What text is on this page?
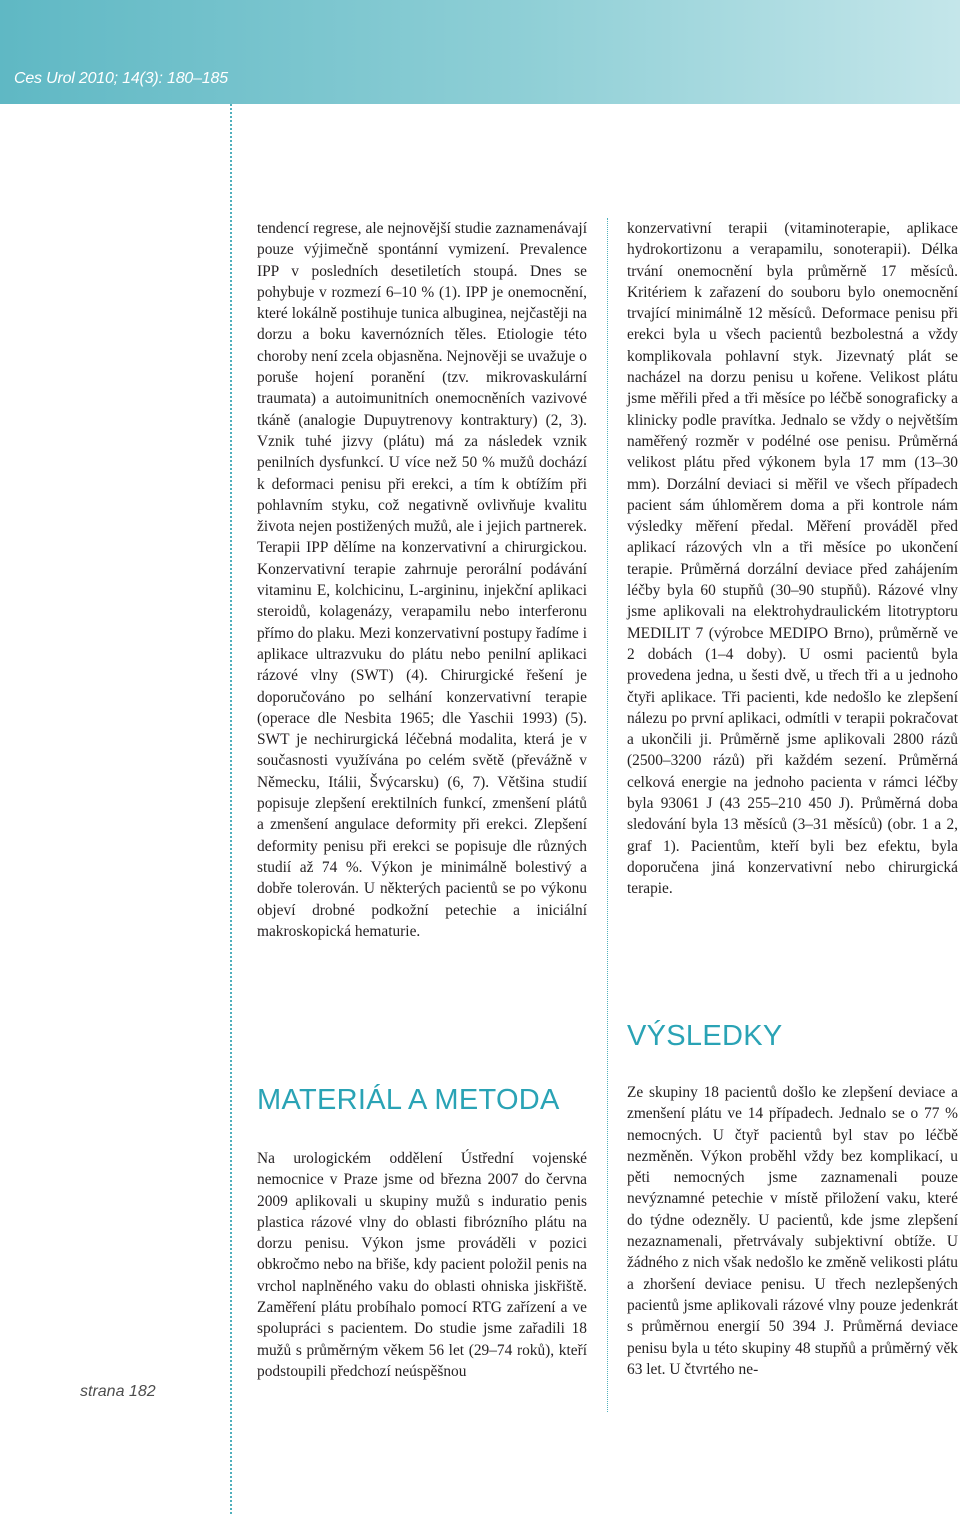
Ces Urol 2010; 14(3): 180–185
strana 182

tendencí regrese, ale nejnovější studie zaznamenávají pouze výjimečně spontánní vymizení. Prevalence IPP v posledních desetiletích stoupá. Dnes se pohybuje v rozmezí 6–10 % (1). IPP je onemocnění, které lokálně postihuje tunica albuginea, nejčastěji na dorzu a boku kavernózních těles. Etiologie této choroby není zcela objasněna. Nejnověji se uvažuje o poruše hojení poranění (tzv. mikrovaskulární traumata) a autoimunitních onemocněních vazivové tkáně (analogie Dupuytrenovy kontraktury) (2, 3). Vznik tuhé jizvy (plátu) má za následek vznik penilních dysfunkcí. U více než 50 % mužů dochází k deformaci penisu při erekci, a tím k obtížím při pohlavním styku, což negativně ovlivňuje kvalitu života nejen postižených mužů, ale i jejich partnerek. Terapii IPP dělíme na konzervativní a chirurgickou. Konzervativní terapie zahrnuje perorální podávání vitaminu E, kolchicinu, L-argininu, injekční aplikaci steroidů, kolagenázy, verapamilu nebo interferonu přímo do plaku. Mezi konzervativní postupy řadíme i aplikace ultrazvuku do plátu nebo penilní aplikaci rázové vlny (SWT) (4). Chirurgické řešení je doporučováno po selhání konzervativní terapie (operace dle Nesbita 1965; dle Yaschii 1993) (5). SWT je nechirurgická léčebná modalita, která je v současnosti využívána po celém světě (převážně v Německu, Itálii, Švýcarsku) (6, 7). Většina studií popisuje zlepšení erektilních funkcí, zmenšení plátů a zmenšení angulace deformity při erekci. Zlepšení deformity penisu při erekci se popisuje dle různých studií až 74 %. Výkon je minimálně bolestivý a dobře tolerován. U některých pacientů se po výkonu objeví drobné podkožní petechie a iniciální makroskopická hematurie.

MATERIÁL A METODA

Na urologickém oddělení Ústřední vojenské nemocnice v Praze jsme od března 2007 do června 2009 aplikovali u skupiny mužů s induratio penis plastica rázové vlny do oblasti fibrózního plátu na dorzu penisu. Výkon jsme prováděli v pozici obkročmo nebo na břiše, kdy pacient položil penis na vrchol naplněného vaku do oblasti ohniska jiskřiště. Zaměření plátu probíhalo pomocí RTG zařízení a ve spolupráci s pacientem. Do studie jsme zařadili 18 mužů s průměrným věkem 56 let (29–74 roků), kteří podstoupili předchozí neúspěšnou

konzervativní terapii (vitaminoterapie, aplikace hydrokortizonu a verapamilu, sonoterapii). Délka trvání onemocnění byla průměrně 17 měsíců. Kritériem k zařazení do souboru bylo onemocnění trvající minimálně 12 měsíců. Deformace penisu při erekci byla u všech pacientů bezbolestná a vždy komplikovala pohlavní styk. Jizevnatý plát se nacházel na dorzu penisu u kořene. Velikost plátu jsme měřili před a tři měsíce po léčbě sonograficky a klinicky podle pravítka. Jednalo se vždy o největším naměřený rozměr v podélné ose penisu. Průměrná velikost plátu před výkonem byla 17 mm (13–30 mm). Dorzální deviaci si měřil ve všech případech pacient sám úhloměrem doma a při kontrole nám výsledky měření předal. Měření prováděl před aplikací rázových vln a tři měsíce po ukončení terapie. Průměrná dorzální deviace před zahájením léčby byla 60 stupňů (30–90 stupňů). Rázové vlny jsme aplikovali na elektrohydraulickém litotryptoru MEDILIT 7 (výrobce MEDIPO Brno), průměrně ve 2 dobách (1–4 doby). U osmi pacientů byla provedena jedna, u šesti dvě, u třech tři a u jednoho čtyři aplikace. Tři pacienti, kde nedošlo ke zlepšení nálezu po první aplikaci, odmítli v terapii pokračovat a ukončili ji. Průměrně jsme aplikovali 2800 rázů (2500–3200 rázů) při každém sezení. Průměrná celková energie na jednoho pacienta v rámci léčby byla 93061 J (43 255–210 450 J). Průměrná doba sledování byla 13 měsíců (3–31 měsíců) (obr. 1 a 2, graf 1). Pacientům, kteří byli bez efektu, byla doporučena jiná konzervativní nebo chirurgická terapie.

VÝSLEDKY

Ze skupiny 18 pacientů došlo ke zlepšení deviace a zmenšení plátu ve 14 případech. Jednalo se o 77 % nemocných. U čtyř pacientů byl stav po léčbě nezměněn. Výkon proběhl vždy bez komplikací, u pěti nemocných jsme zaznamenali pouze nevýznamné petechie v místě přiložení vaku, které do týdne odezněly. U pacientů, kde jsme zlepšení nezaznamenali, přetrvávaly subjektivní obtíže. U žádného z nich však nedošlo ke změně velikosti plátu a zhoršení deviace penisu. U třech nezlepšených pacientů jsme aplikovali rázové vlny pouze jedenkrát s průměrnou energií 50 394 J. Průměrná deviace penisu byla u této skupiny 48 stupňů a průměrný věk 63 let. U čtvrtého ne-
